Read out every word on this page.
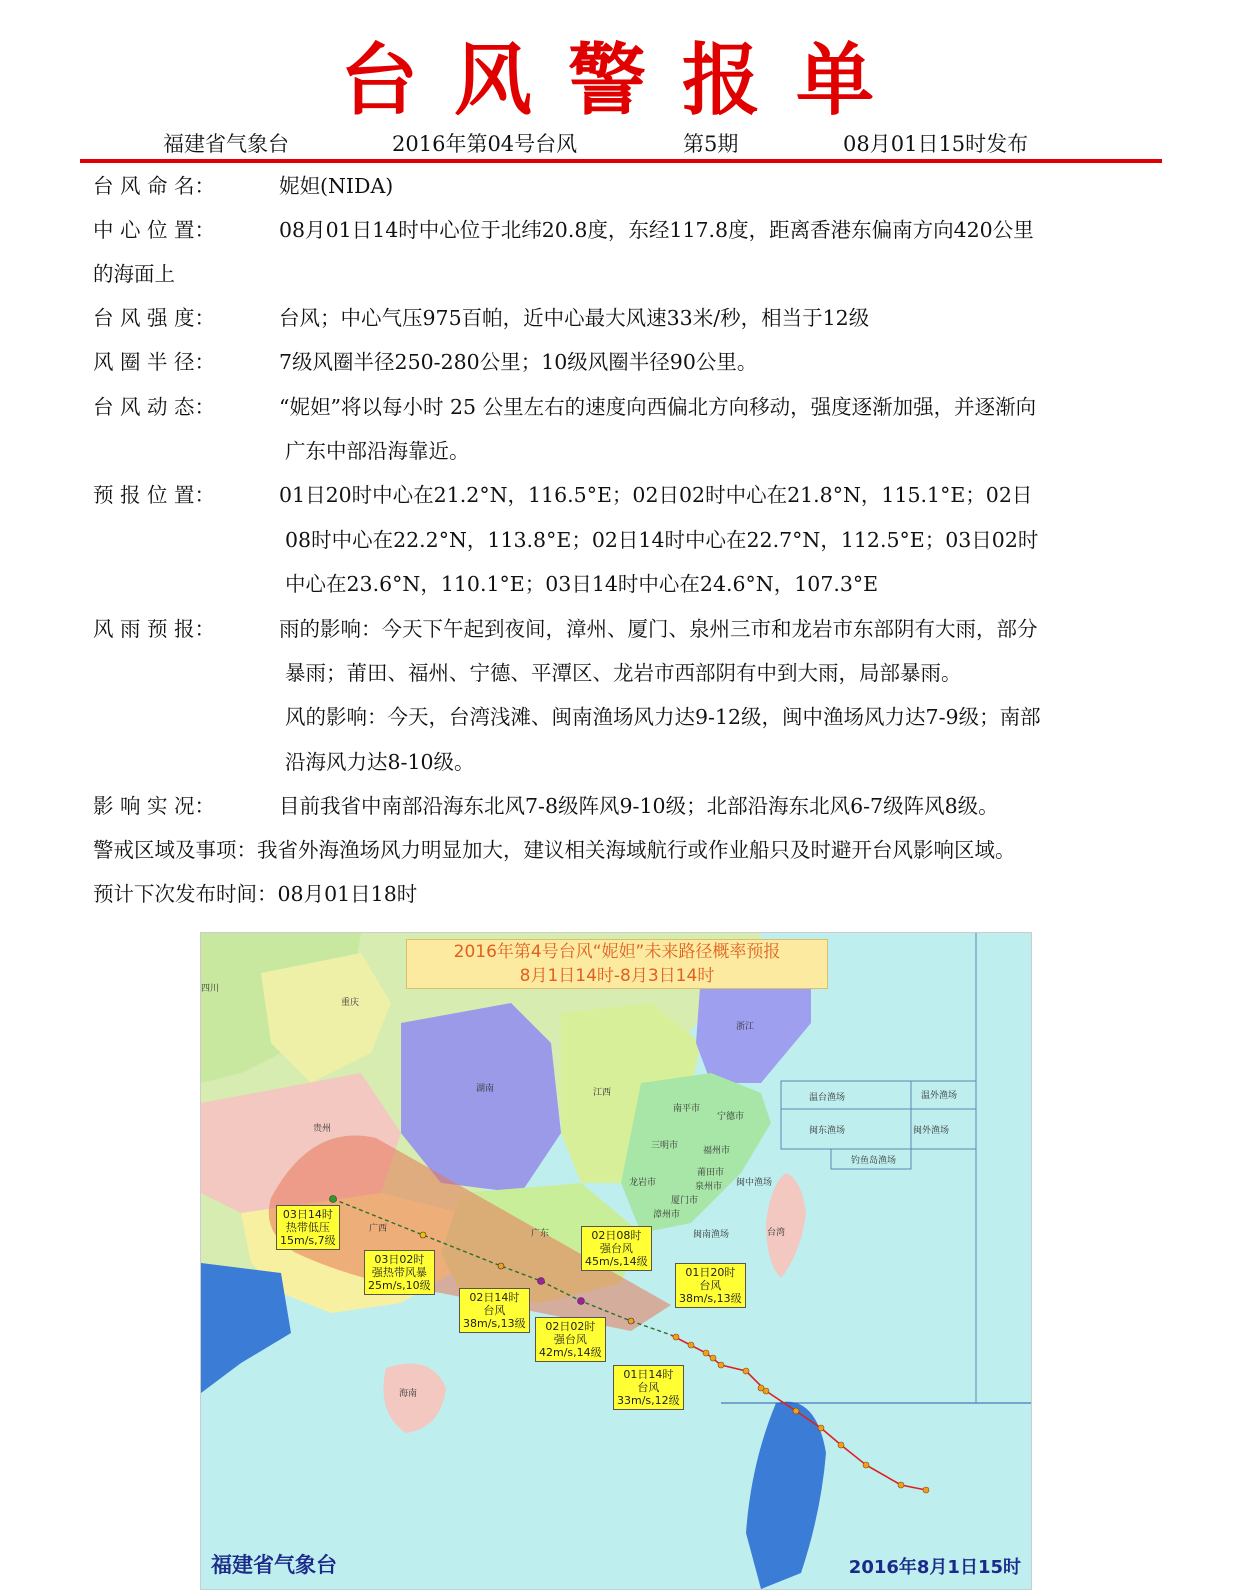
台风警报单
福建省气象台	2016年第04号台风	第5期	08月01日15时发布
台 风 命 名：	妮妲(NIDA)
中 心 位 置：	08月01日14时中心位于北纬20.8度，东经117.8度，距离香港东偏南方向420公里
的海面上
台 风 强 度：	台风；中心气压975百帕，近中心最大风速33米/秒，相当于12级
风 圈 半 径：	7级风圈半径250-280公里；10级风圈半径90公里。
台 风 动 态：	“妮妲”将以每小时 25 公里左右的速度向西偏北方向移动，强度逐渐加强，并逐渐向
广东中部沿海靠近。
预 报 位 置：	01日20时中心在21.2°N，116.5°E；02日02时中心在21.8°N，115.1°E；02日
08时中心在22.2°N，113.8°E；02日14时中心在22.7°N，112.5°E；03日02时
中心在23.6°N，110.1°E；03日14时中心在24.6°N，107.3°E
风 雨 预 报：	雨的影响：今天下午起到夜间，漳州、厦门、泉州三市和龙岩市东部阴有大雨，部分
暴雨；莆田、福州、宁德、平潭区、龙岩市西部阴有中到大雨，局部暴雨。
风的影响：今天，台湾浅滩、闽南渔场风力达9-12级，闽中渔场风力达7-9级；南部
沿海风力达8-10级。
影 响 实 况：	目前我省中南部沿海东北风7-8级阵风9-10级；北部沿海东北风6-7级阵风8级。
警戒区域及事项：我省外海渔场风力明显加大，建议相关海域航行或作业船只及时避开台风影响区域。
预计下次发布时间：08月01日18时
2016年第4号台风“妮妲”未来路径概率预报
8月1日14时-8月3日14时
重庆
四川
湖南	江西
浙江
贵州
广西	广东
海南
台湾
南平市
宁德市
三明市	福州市
莆田市
龙岩市	泉州市
厦门市
漳州市
温台渔场	温外渔场
闽东渔场	闽外渔场
钓鱼岛渔场
闽中渔场
闽南渔场
03日14时
热带低压
15m/s,7级
03日02时
强热带风暴
25m/s,10级
02日14时
台风
38m/s,13级
02日08时
强台风
45m/s,14级
02日02时
强台风
42m/s,14级
01日20时
台风
38m/s,13级
01日14时
台风
33m/s,12级
福建省气象台	2016年8月1日15时
